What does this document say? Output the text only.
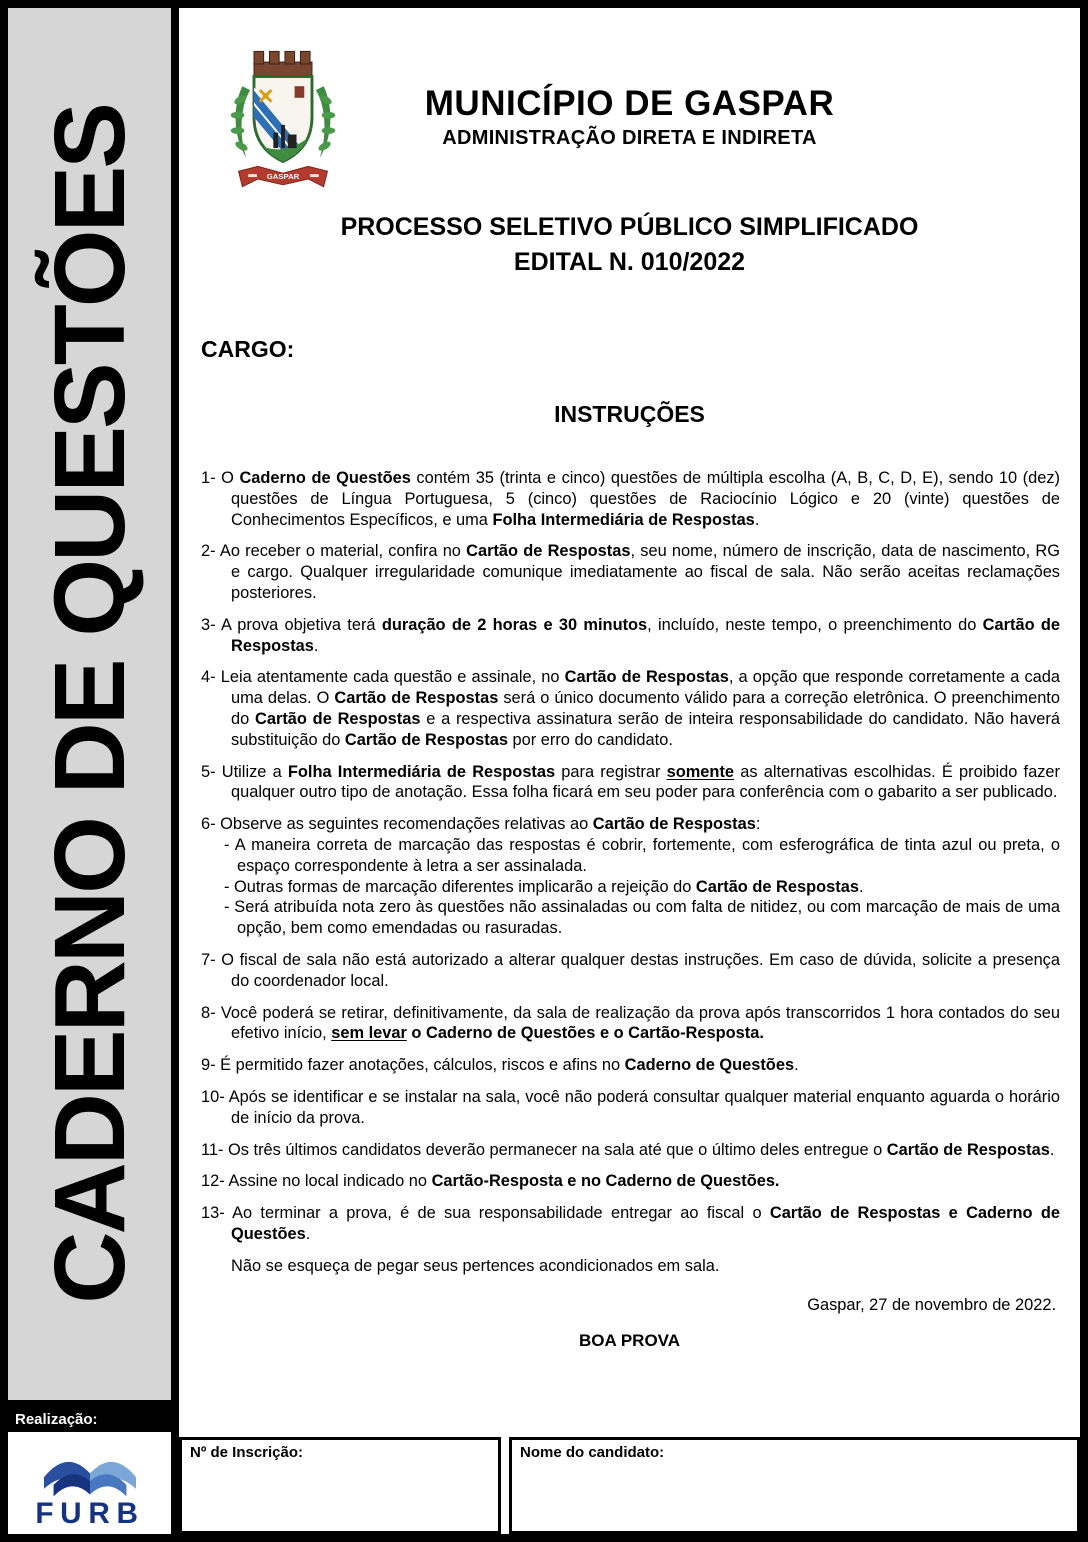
CADERNO DE QUESTÕES
Realização:
FURB
GASPAR
MUNICÍPIO DE GASPAR
ADMINISTRAÇÃO DIRETA E INDIRETA
PROCESSO SELETIVO PÚBLICO SIMPLIFICADO
EDITAL N. 010/2022
CARGO:
INSTRUÇÕES
1- O Caderno de Questões contém 35 (trinta e cinco) questões de múltipla escolha (A, B, C, D, E), sendo 10 (dez) questões de Língua Portuguesa, 5 (cinco) questões de Raciocínio Lógico e 20 (vinte) questões de Conhecimentos Específicos, e uma Folha Intermediária de Respostas.
2- Ao receber o material, confira no Cartão de Respostas, seu nome, número de inscrição, data de nascimento, RG e cargo. Qualquer irregularidade comunique imediatamente ao fiscal de sala. Não serão aceitas reclamações posteriores.
3- A prova objetiva terá duração de 2 horas e 30 minutos, incluído, neste tempo, o preenchimento do Cartão de Respostas.
4- Leia atentamente cada questão e assinale, no Cartão de Respostas, a opção que responde corretamente a cada uma delas. O Cartão de Respostas será o único documento válido para a correção eletrônica. O preenchimento do Cartão de Respostas e a respectiva assinatura serão de inteira responsabilidade do candidato. Não haverá substituição do Cartão de Respostas por erro do candidato.
5- Utilize a Folha Intermediária de Respostas para registrar somente as alternativas escolhidas. É proibido fazer qualquer outro tipo de anotação. Essa folha ficará em seu poder para conferência com o gabarito a ser publicado.
6- Observe as seguintes recomendações relativas ao Cartão de Respostas:
- A maneira correta de marcação das respostas é cobrir, fortemente, com esferográfica de tinta azul ou preta, o espaço correspondente à letra a ser assinalada.
- Outras formas de marcação diferentes implicarão a rejeição do Cartão de Respostas.
- Será atribuída nota zero às questões não assinaladas ou com falta de nitidez, ou com marcação de mais de uma opção, bem como emendadas ou rasuradas.
7- O fiscal de sala não está autorizado a alterar qualquer destas instruções. Em caso de dúvida, solicite a presença do coordenador local.
8- Você poderá se retirar, definitivamente, da sala de realização da prova após transcorridos 1 hora contados do seu efetivo início, sem levar o Caderno de Questões e o Cartão-Resposta.
9- É permitido fazer anotações, cálculos, riscos e afins no Caderno de Questões.
10- Após se identificar e se instalar na sala, você não poderá consultar qualquer material enquanto aguarda o horário de início da prova.
11- Os três últimos candidatos deverão permanecer na sala até que o último deles entregue o Cartão de Respostas.
12- Assine no local indicado no Cartão-Resposta e no Caderno de Questões.
13- Ao terminar a prova, é de sua responsabilidade entregar ao fiscal o Cartão de Respostas e Caderno de Questões.
Não se esqueça de pegar seus pertences acondicionados em sala.
Gaspar, 27 de novembro de 2022.
BOA PROVA
Nº de Inscrição:	Nome do candidato:
